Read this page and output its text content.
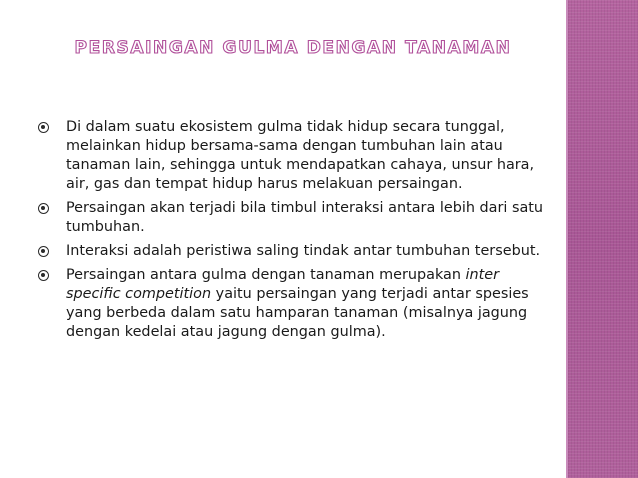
PERSAINGAN GULMA DENGAN TANAMAN
Di dalam suatu ekosistem gulma tidak hidup secara tunggal, melainkan hidup bersama-sama dengan tumbuhan lain atau tanaman lain, sehingga untuk mendapatkan cahaya, unsur hara, air, gas dan tempat hidup harus melakuan persaingan.
Persaingan akan terjadi bila timbul interaksi antara lebih dari satu tumbuhan.
Interaksi adalah peristiwa saling tindak antar tumbuhan tersebut.
Persaingan antara gulma dengan tanaman merupakan inter specific competition yaitu persaingan yang terjadi antar spesies yang berbeda dalam satu hamparan tanaman (misalnya jagung dengan kedelai atau jagung dengan gulma).
